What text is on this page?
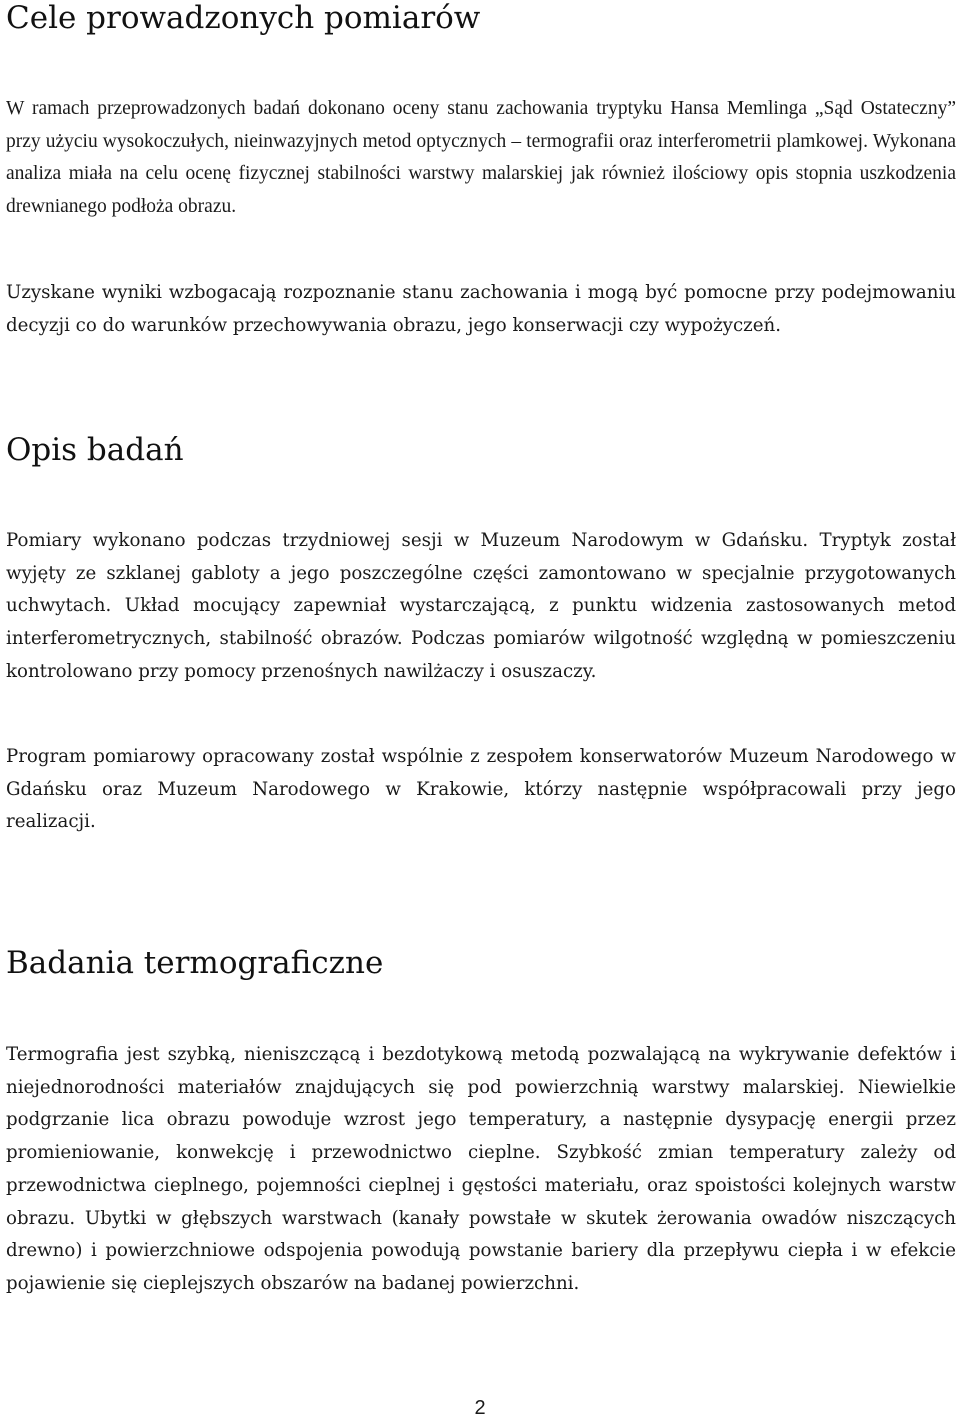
Cele prowadzonych pomiarów

W ramach przeprowadzonych badań dokonano oceny stanu zachowania tryptyku Hansa Memlinga „Sąd Ostateczny” przy użyciu wysokoczułych, nieinwazyjnych metod optycznych – termografii oraz interferometrii plamkowej. Wykonana analiza miała na celu ocenę fizycznej stabilności warstwy malarskiej jak również ilościowy opis stopnia uszkodzenia drewnianego podłoża obrazu.

Uzyskane wyniki wzbogacają rozpoznanie stanu zachowania i mogą być pomocne przy podejmowaniu decyzji co do warunków przechowywania obrazu, jego konserwacji czy wypożyczeń.

Opis badań

Pomiary wykonano podczas trzydniowej sesji w Muzeum Narodowym w Gdańsku. Tryptyk został wyjęty ze szklanej gabloty a jego poszczególne części zamontowano w specjalnie przygotowanych uchwytach. Układ mocujący zapewniał wystarczającą, z punktu widzenia zastosowanych metod interferometrycznych, stabilność obrazów. Podczas pomiarów wilgotność względną w pomieszczeniu kontrolowano przy pomocy przenośnych nawilżaczy i osuszaczy.

Program pomiarowy opracowany został wspólnie z zespołem konserwatorów Muzeum Narodowego w Gdańsku oraz Muzeum Narodowego w Krakowie, którzy następnie współpracowali przy jego realizacji.

Badania termograficzne

Termografia jest szybką, nieniszczącą i bezdotykową metodą pozwalającą na wykrywanie defektów i niejednorodności materiałów znajdujących się pod powierzchnią warstwy malarskiej. Niewielkie podgrzanie lica obrazu powoduje wzrost jego temperatury, a następnie dysypację energii przez promieniowanie, konwekcję i przewodnictwo cieplne. Szybkość zmian temperatury zależy od przewodnictwa cieplnego, pojemności cieplnej i gęstości materiału, oraz spoistości kolejnych warstw obrazu. Ubytki w głębszych warstwach (kanały powstałe w skutek żerowania owadów niszczących drewno) i powierzchniowe odspojenia powodują powstanie bariery dla przepływu ciepła i w efekcie pojawienie się cieplejszych obszarów na badanej powierzchni.

2
